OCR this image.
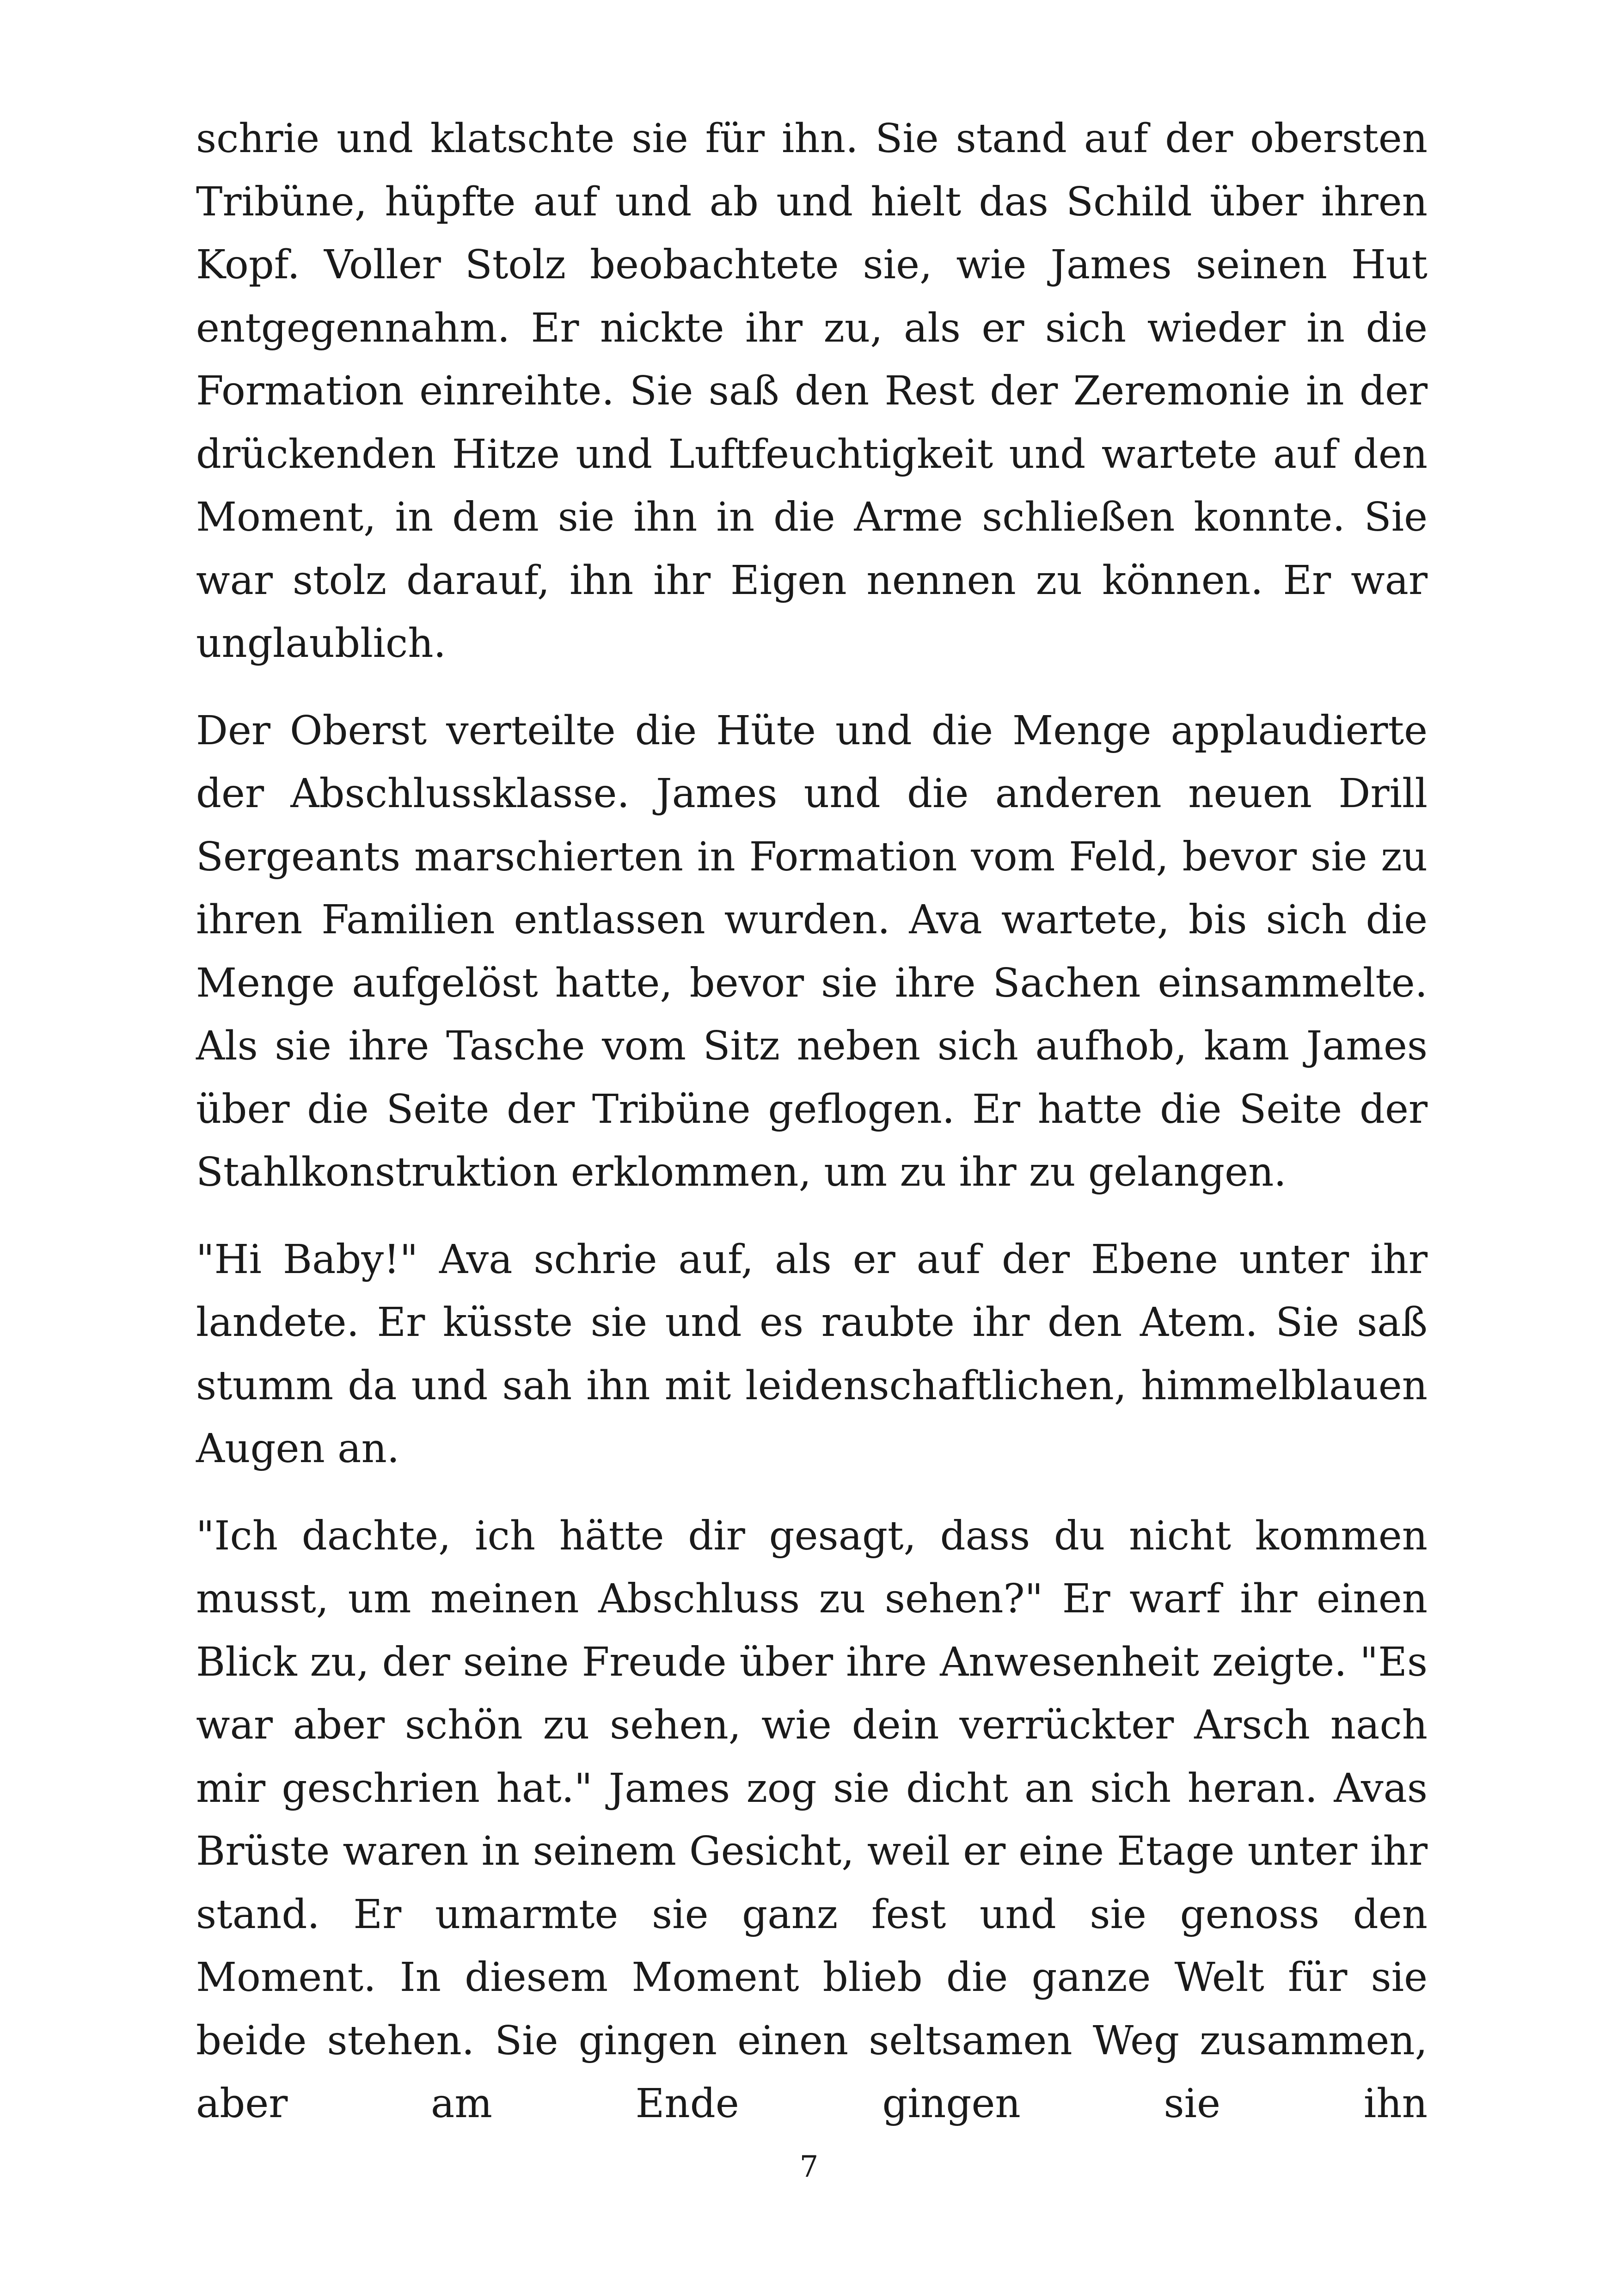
schrie und klatschte sie für ihn. Sie stand auf der obersten Tribüne, hüpfte auf und ab und hielt das Schild über ihren Kopf. Voller Stolz beobachtete sie, wie James seinen Hut entgegennahm. Er nickte ihr zu, als er sich wieder in die Formation einreihte. Sie saß den Rest der Zeremonie in der drückenden Hitze und Luftfeuchtigkeit und wartete auf den Moment, in dem sie ihn in die Arme schließen konnte. Sie war stolz darauf, ihn ihr Eigen nennen zu können. Er war unglaublich.

Der Oberst verteilte die Hüte und die Menge applaudierte der Abschlussklasse. James und die anderen neuen Drill Sergeants marschierten in Formation vom Feld, bevor sie zu ihren Familien entlassen wurden. Ava wartete, bis sich die Menge aufgelöst hatte, bevor sie ihre Sachen einsammelte. Als sie ihre Tasche vom Sitz neben sich aufhob, kam James über die Seite der Tribüne geflogen. Er hatte die Seite der Stahlkonstruktion erklommen, um zu ihr zu gelangen.

"Hi Baby!" Ava schrie auf, als er auf der Ebene unter ihr landete. Er küsste sie und es raubte ihr den Atem. Sie saß stumm da und sah ihn mit leidenschaftlichen, himmelblauen Augen an.

"Ich dachte, ich hätte dir gesagt, dass du nicht kommen musst, um meinen Abschluss zu sehen?" Er warf ihr einen Blick zu, der seine Freude über ihre Anwesenheit zeigte. "Es war aber schön zu sehen, wie dein verrückter Arsch nach mir geschrien hat." James zog sie dicht an sich heran. Avas Brüste waren in seinem Gesicht, weil er eine Etage unter ihr stand. Er umarmte sie ganz fest und sie genoss den Moment. In diesem Moment blieb die ganze Welt für sie beide stehen. Sie gingen einen seltsamen Weg zusammen, aber am Ende gingen sie ihn

7
